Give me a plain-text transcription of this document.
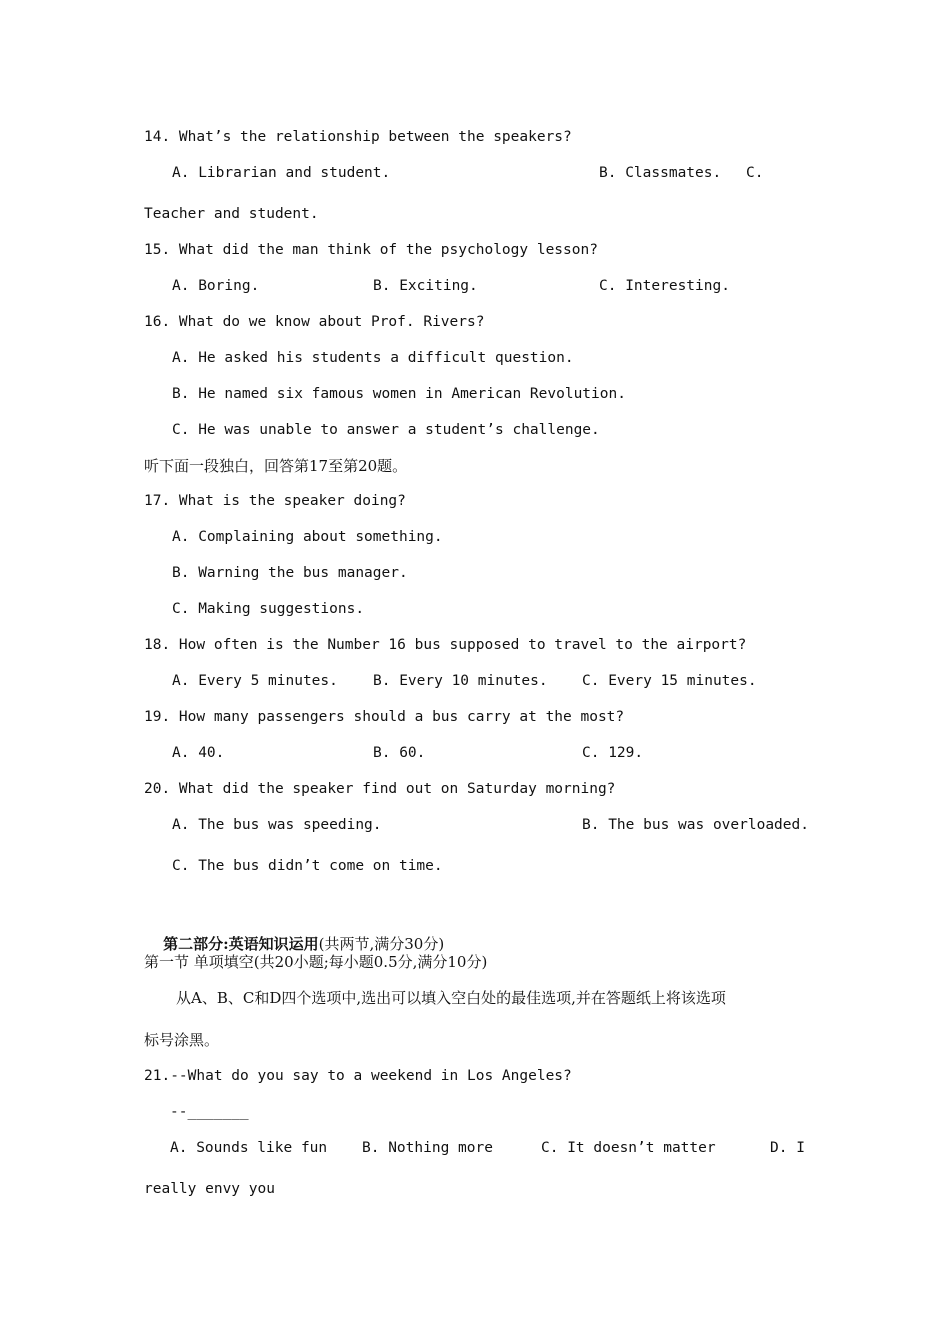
14. What’s the relationship between the speakers?
A. Librarian and student.	B. Classmates. C.
Teacher and student.
15. What did the man think of the psychology lesson?
A. Boring.	B. Exciting.	C. Interesting.
16. What do we know about Prof. Rivers?
A. He asked his students a difficult question.
B. He named six famous women in American Revolution.
C. He was unable to answer a student’s challenge.
听下面一段独白，回答第17至第20题。
17. What is the speaker doing?
A. Complaining about something.
B. Warning the bus manager.
C. Making suggestions.
18. How often is the Number 16 bus supposed to travel to the airport?
A. Every 5 minutes. B. Every 10 minutes. C. Every 15 minutes.
19. How many passengers should a bus carry at the most?
A. 40.	B. 60.	C. 129.
20. What did the speaker find out on Saturday morning?
A. The bus was speeding.	B. The bus was overloaded.
C. The bus didn’t come on time.

第二部分:英语知识运用(共两节,满分30分)

第一节 单项填空(共20小题;每小题0.5分,满分10分)
从A、B、C和D四个选项中,选出可以填入空白处的最佳选项,并在答题纸上将该选项
标号涂黑。
21.--What do you say to a weekend in Los Angeles?
--_______
A. Sounds like fun B. Nothing more	C. It doesn’t matter	D. I
really envy you
